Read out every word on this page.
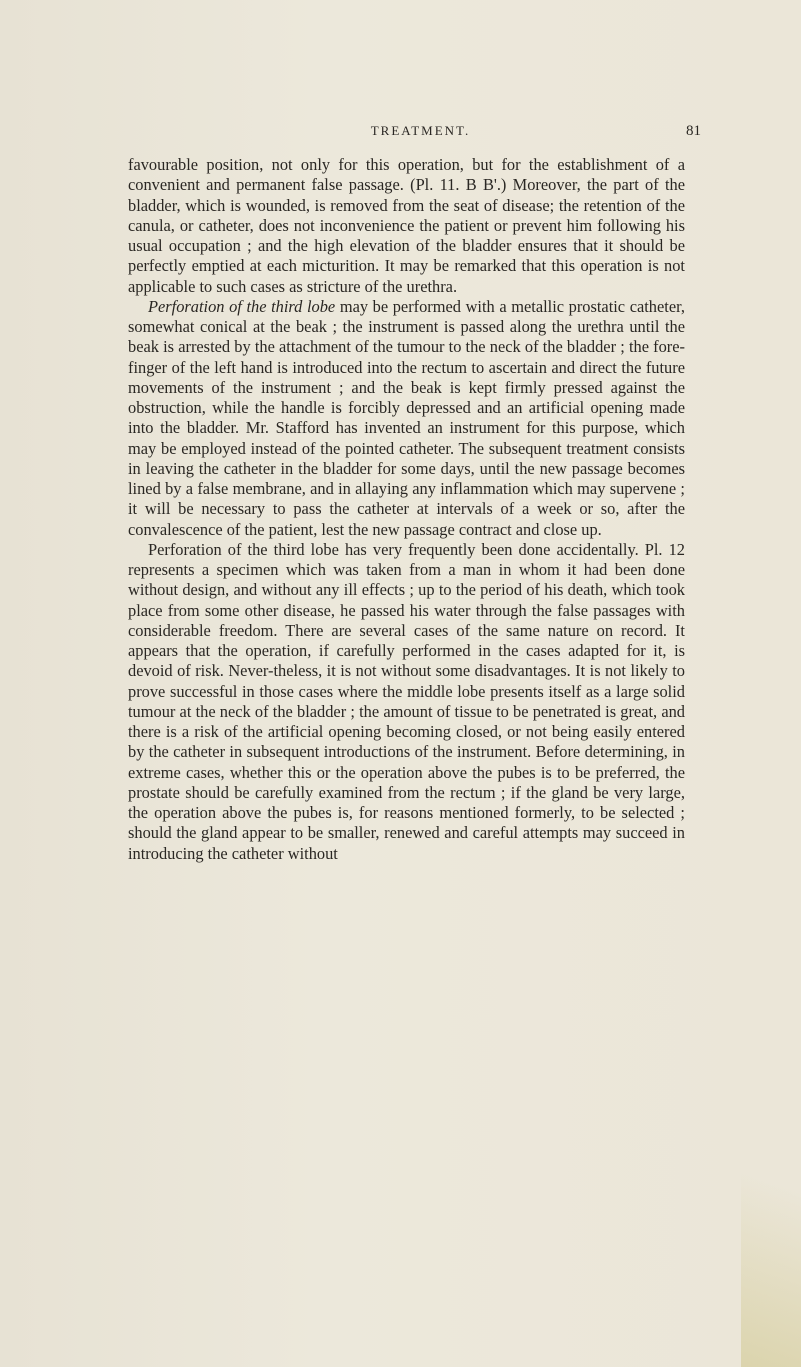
TREATMENT.	81

favourable position, not only for this operation, but for the establishment of a convenient and permanent false passage. (Pl. 11. B B'.) Moreover, the part of the bladder, which is wounded, is removed from the seat of disease; the retention of the canula, or catheter, does not inconvenience the patient or prevent him following his usual occupation ; and the high elevation of the bladder ensures that it should be perfectly emptied at each micturition. It may be remarked that this operation is not applicable to such cases as stricture of the urethra.

Perforation of the third lobe may be performed with a metallic prostatic catheter, somewhat conical at the beak ; the instrument is passed along the urethra until the beak is arrested by the attachment of the tumour to the neck of the bladder ; the fore-finger of the left hand is introduced into the rectum to ascertain and direct the future movements of the instrument ; and the beak is kept firmly pressed against the obstruction, while the handle is forcibly depressed and an artificial opening made into the bladder. Mr. Stafford has invented an instrument for this purpose, which may be employed instead of the pointed catheter. The subsequent treatment consists in leaving the catheter in the bladder for some days, until the new passage becomes lined by a false membrane, and in allaying any inflammation which may supervene ; it will be necessary to pass the catheter at intervals of a week or so, after the convalescence of the patient, lest the new passage contract and close up.

Perforation of the third lobe has very frequently been done accidentally. Pl. 12 represents a specimen which was taken from a man in whom it had been done without design, and without any ill effects ; up to the period of his death, which took place from some other disease, he passed his water through the false passages with considerable freedom. There are several cases of the same nature on record. It appears that the operation, if carefully performed in the cases adapted for it, is devoid of risk. Never-theless, it is not without some disadvantages. It is not likely to prove successful in those cases where the middle lobe presents itself as a large solid tumour at the neck of the bladder ; the amount of tissue to be penetrated is great, and there is a risk of the artificial opening becoming closed, or not being easily entered by the catheter in subsequent introductions of the instrument. Before determining, in extreme cases, whether this or the operation above the pubes is to be preferred, the prostate should be carefully examined from the rectum ; if the gland be very large, the operation above the pubes is, for reasons mentioned formerly, to be selected ; should the gland appear to be smaller, renewed and careful attempts may succeed in introducing the catheter without
